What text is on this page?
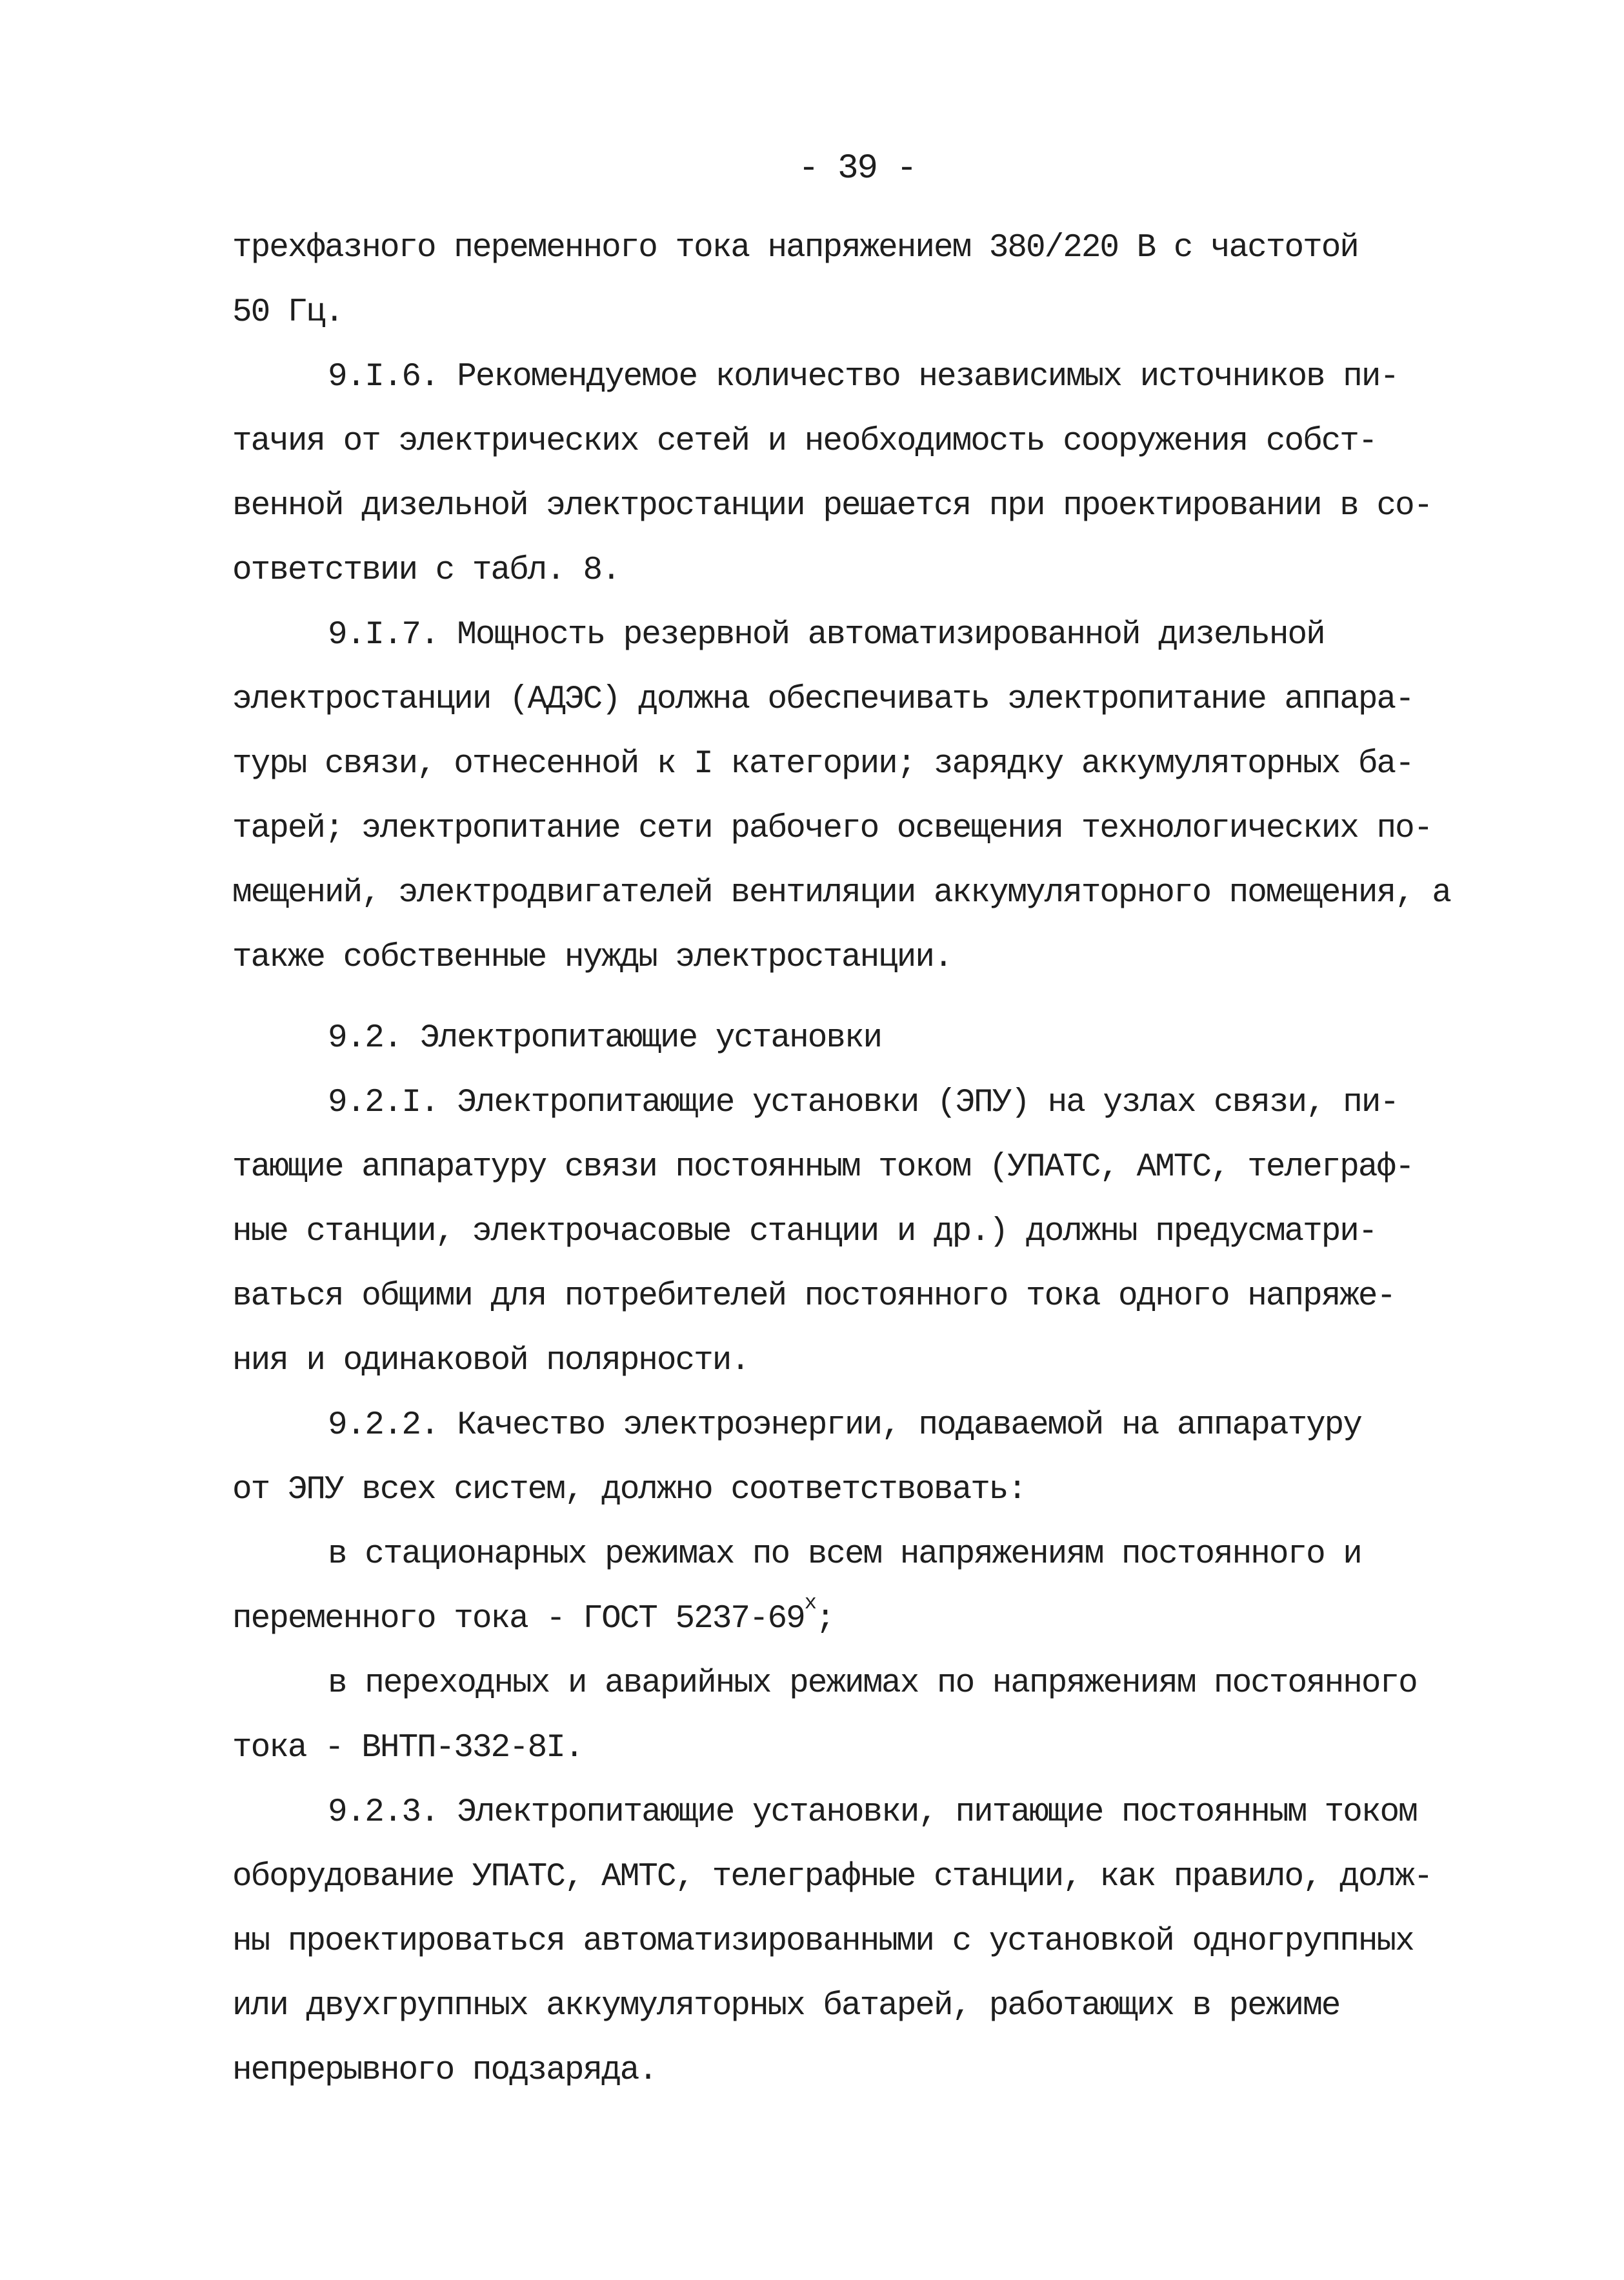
- 39 -
трехфазного переменного тока напряжением 380/220 В с частотой
50 Гц.
9.I.6. Рекомендуемое количество независимых источников пи-
тачия от электрических сетей и необходимость сооружения собст-
венной дизельной электростанции решается при проектировании в со-
ответствии с табл. 8.
9.I.7. Мощность резервной автоматизированной дизельной
электростанции (АДЭС) должна обеспечивать электропитание аппара-
туры связи, отнесенной к I категории; зарядку аккумуляторных ба-
тарей; электропитание сети рабочего освещения технологических по-
мещений, электродвигателей вентиляции аккумуляторного помещения, а
также собственные нужды электростанции.
9.2. Электропитающие установки
9.2.I. Электропитающие установки (ЭПУ) на узлах связи, пи-
тающие аппаратуру связи постоянным током (УПАТС, АМТС, телеграф-
ные станции, электрочасовые станции и др.) должны предусматри-
ваться общими для потребителей постоянного тока одного напряже-
ния и одинаковой полярности.
9.2.2. Качество электроэнергии, подаваемой на аппаратуру
от ЭПУ всех систем, должно соответствовать:
в стационарных режимах по всем напряжениям постоянного и
переменного тока - ГОСТ $5237-69^х$;
в переходных и аварийных режимах по напряжениям постоянного
тока - ВНТП-332-8I.
9.2.3. Электропитающие установки, питающие постоянным током
оборудование УПАТС, АМТС, телеграфные станции, как правило, долж-
ны проектироваться автоматизированными с установкой одногруппных
или двухгруппных аккумуляторных батарей, работающих в режиме
непрерывного подзаряда.
